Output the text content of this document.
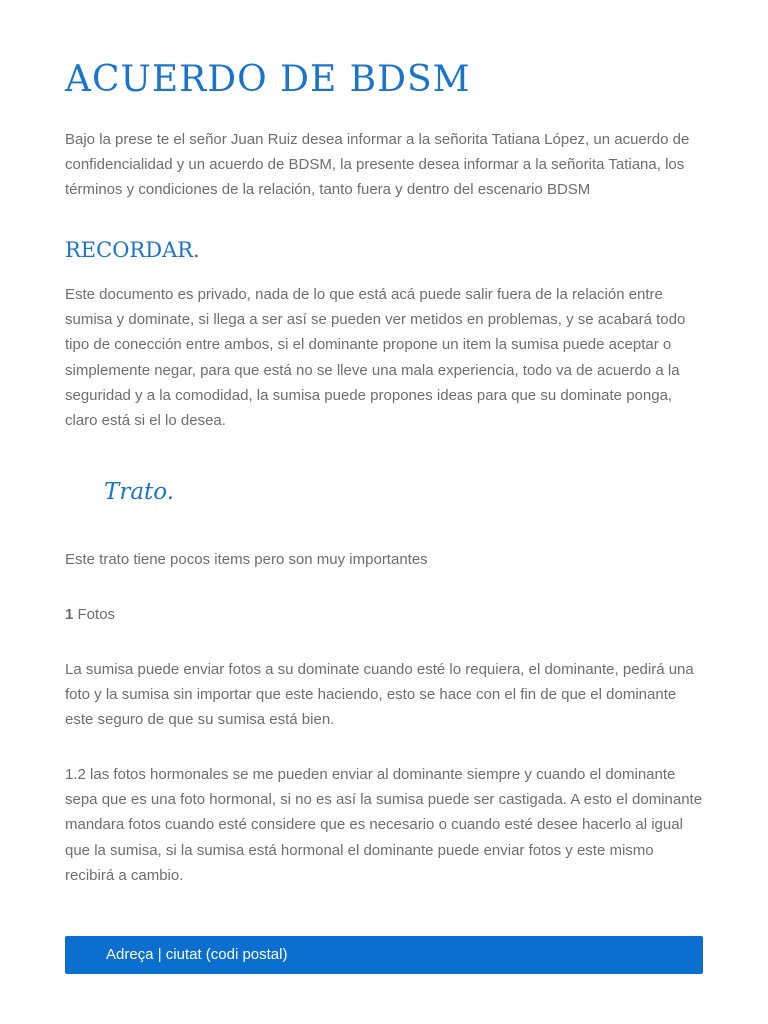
ACUERDO DE BDSM

Bajo la prese te el señor Juan Ruiz desea informar a la señorita Tatiana López, un acuerdo de confidencialidad y un acuerdo de BDSM, la presente desea informar a la señorita Tatiana, los términos y condiciones de la relación, tanto fuera y dentro del escenario BDSM

RECORDAR.

Este documento es privado, nada de lo que está acá puede salir fuera de la relación entre sumisa y dominate, si llega a ser así se pueden ver metidos en problemas, y se acabará todo tipo de conección entre ambos, si el dominante propone un item la sumisa puede aceptar o simplemente negar, para que está no se lleve una mala experiencia, todo va de acuerdo a la seguridad y a la comodidad, la sumisa puede propones ideas para que su dominate ponga, claro está si el lo desea.

Trato.

Este trato tiene pocos items pero son muy importantes

1 Fotos

La sumisa puede enviar fotos a su dominate cuando esté lo requiera, el dominante, pedirá una foto y la sumisa sin importar que este haciendo, esto se hace con el fin de que el dominante este seguro de que su sumisa está bien.

1.2 las fotos hormonales se me pueden enviar al dominante siempre y cuando el dominante sepa que es una foto hormonal, si no es así la sumisa puede ser castigada. A esto el dominante mandara fotos cuando esté considere que es necesario o cuando esté desee hacerlo al igual que la sumisa, si la sumisa está hormonal el dominante puede enviar fotos y este mismo recibirá a cambio.

Adreça | ciutat (codi postal)
